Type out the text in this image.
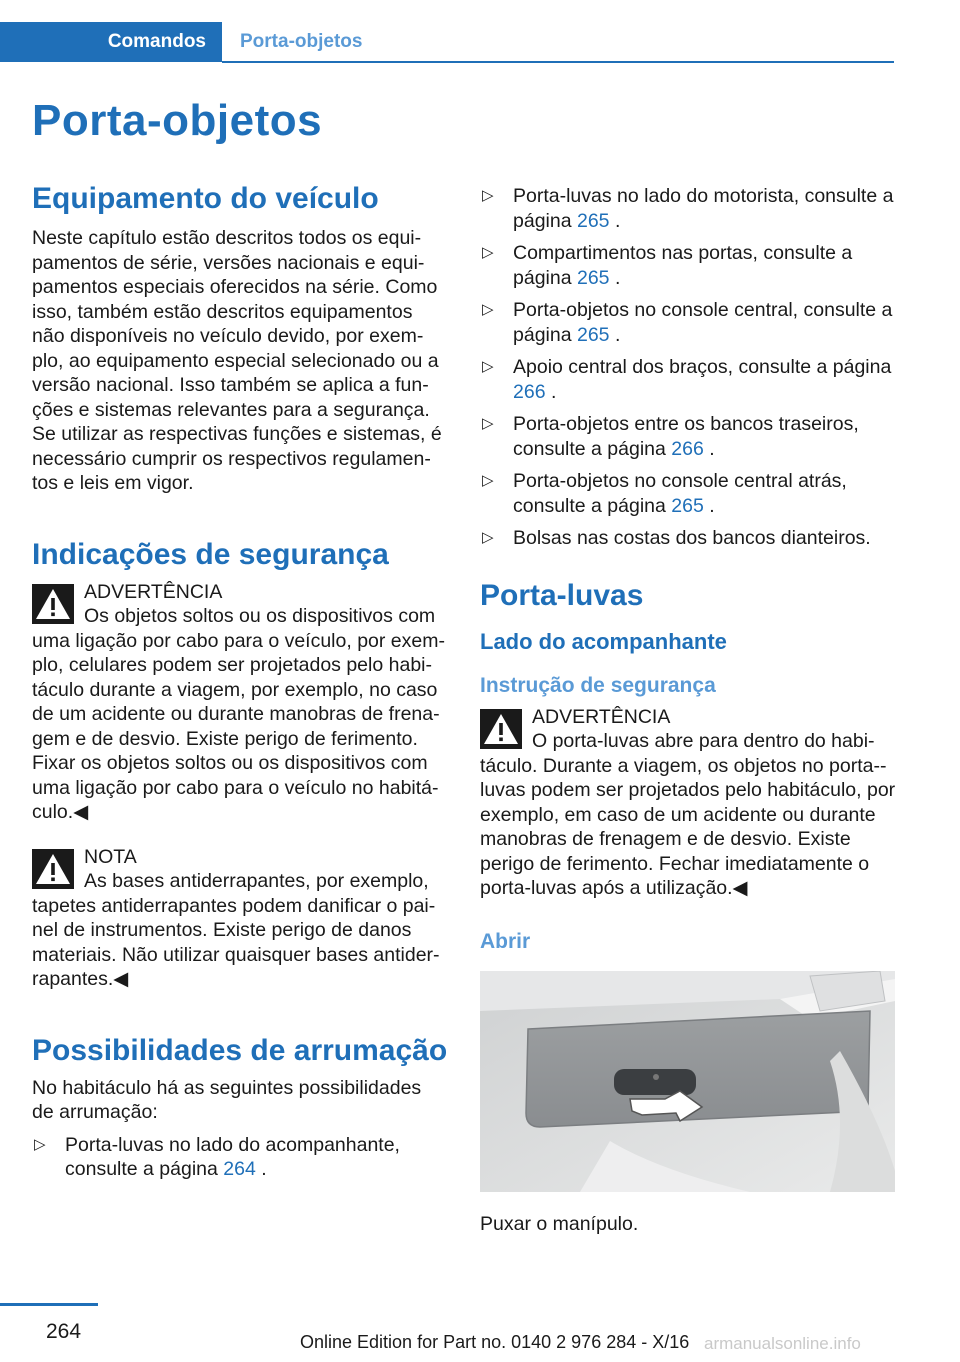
Comandos	Porta-objetos
Porta-objetos
Equipamento do veículo

Neste capítulo estão descritos todos os equipamentos de série, versões nacionais e equipamentos especiais oferecidos na série. Como isso, também estão descritos equipamentos não disponíveis no veículo devido, por exemplo, ao equipamento especial selecionado ou a versão nacional. Isso também se aplica a funções e sistemas relevantes para a segurança. Se utilizar as respectivas funções e sistemas, é necessário cumprir os respectivos regulamentos e leis em vigor.

Indicações de segurança
ADVERTÊNCIA
Os objetos soltos ou os dispositivos com uma ligação por cabo para o veículo, por exemplo, celulares podem ser projetados pelo habitáculo durante a viagem, por exemplo, no caso de um acidente ou durante manobras de frenagem e de desvio. Existe perigo de ferimento. Fixar os objetos soltos ou os dispositivos com uma ligação por cabo para o veículo no habitáculo.◀
NOTA
As bases antiderrapantes, por exemplo, tapetes antiderrapantes podem danificar o painel de instrumentos. Existe perigo de danos materiais. Não utilizar quaisquer bases antiderrapantes.◀
Possibilidades de arrumação

No habitáculo há as seguintes possibilidades de arrumação:

▷ Porta-luvas no lado do acompanhante, consulte a página 264 .
▷ Porta-luvas no lado do motorista, consulte a página 265 .
▷ Compartimentos nas portas, consulte a página 265 .
▷ Porta-objetos no console central, consulte a página 265 .
▷ Apoio central dos braços, consulte a página 266 .
▷ Porta-objetos entre os bancos traseiros, consulte a página 266 .
▷ Porta-objetos no console central atrás, consulte a página 265 .
▷ Bolsas nas costas dos bancos dianteiros.
Porta-luvas
Lado do acompanhante
Instrução de segurança
ADVERTÊNCIA
O porta-luvas abre para dentro do habitáculo. Durante a viagem, os objetos no porta-luvas podem ser projetados pelo habitáculo, por exemplo, em caso de um acidente ou durante manobras de frenagem e de desvio. Existe perigo de ferimento. Fechar imediatamente o porta-luvas após a utilização.◀
Abrir

Puxar o manípulo.

264	Online Edition for Part no. 0140 2 976 284 - X/16 armanualsonline.info
